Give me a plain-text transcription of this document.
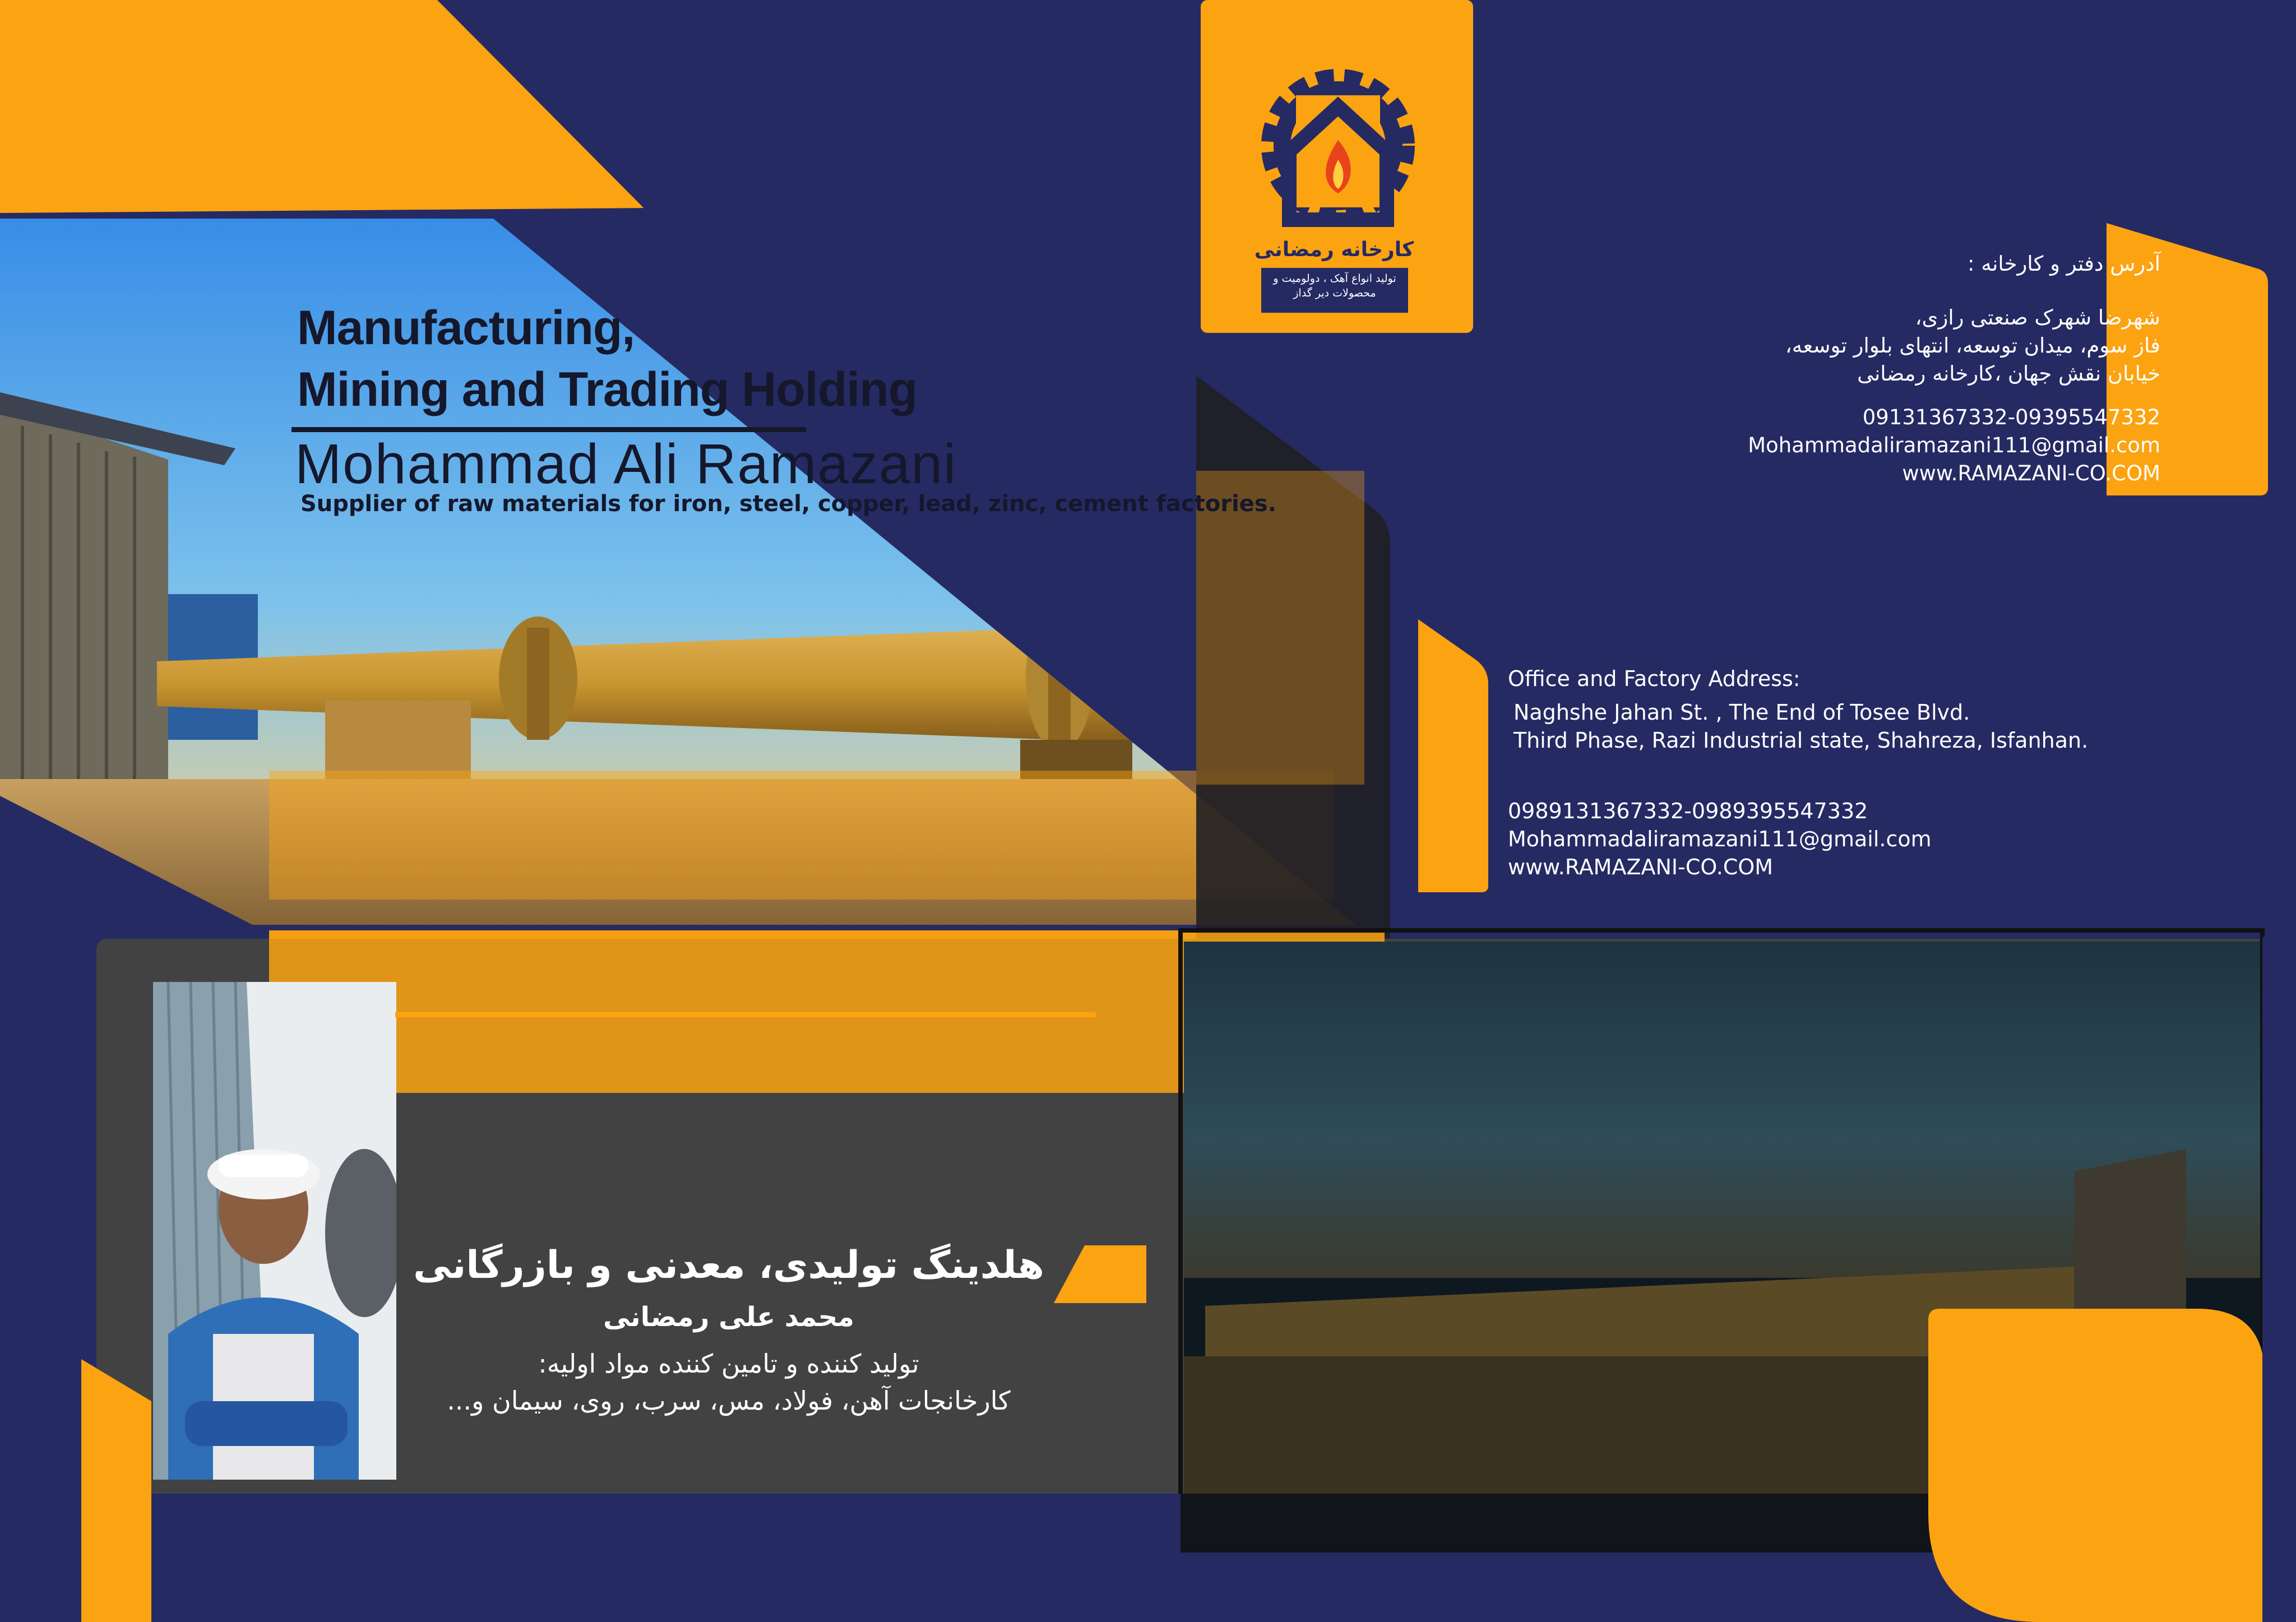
کارخانه رمضانی
تولید انواع آهک ، دولومیت و
محصولات دیر گداز
Manufacturing,
Mining and Trading Holding
Mohammad Ali Ramazani
Supplier of raw materials for iron, steel, copper, lead, zinc, cement factories.
آدرس دفتر و کارخانه :
شهرضا شهرک صنعتی رازی،
فاز سوم، میدان توسعه، انتهای بلوار توسعه،
خیابان نقش جهان ،کارخانه رمضانی
09131367332-09395547332
Mohammadaliramazani111@gmail.com
www.RAMAZANI-CO.COM
Office and Factory Address:
Naghshe Jahan St. , The End of Tosee Blvd.
Third Phase, Razi Industrial state, Shahreza, Isfanhan.
0989131367332-0989395547332
Mohammadaliramazani111@gmail.com
www.RAMAZANI-CO.COM
هلدینگ تولیدی، معدنی و بازرگانی
محمد علی رمضانی
تولید کننده و تامین کننده مواد اولیه:
کارخانجات آهن، فولاد، مس، سرب، روی، سیمان و...
